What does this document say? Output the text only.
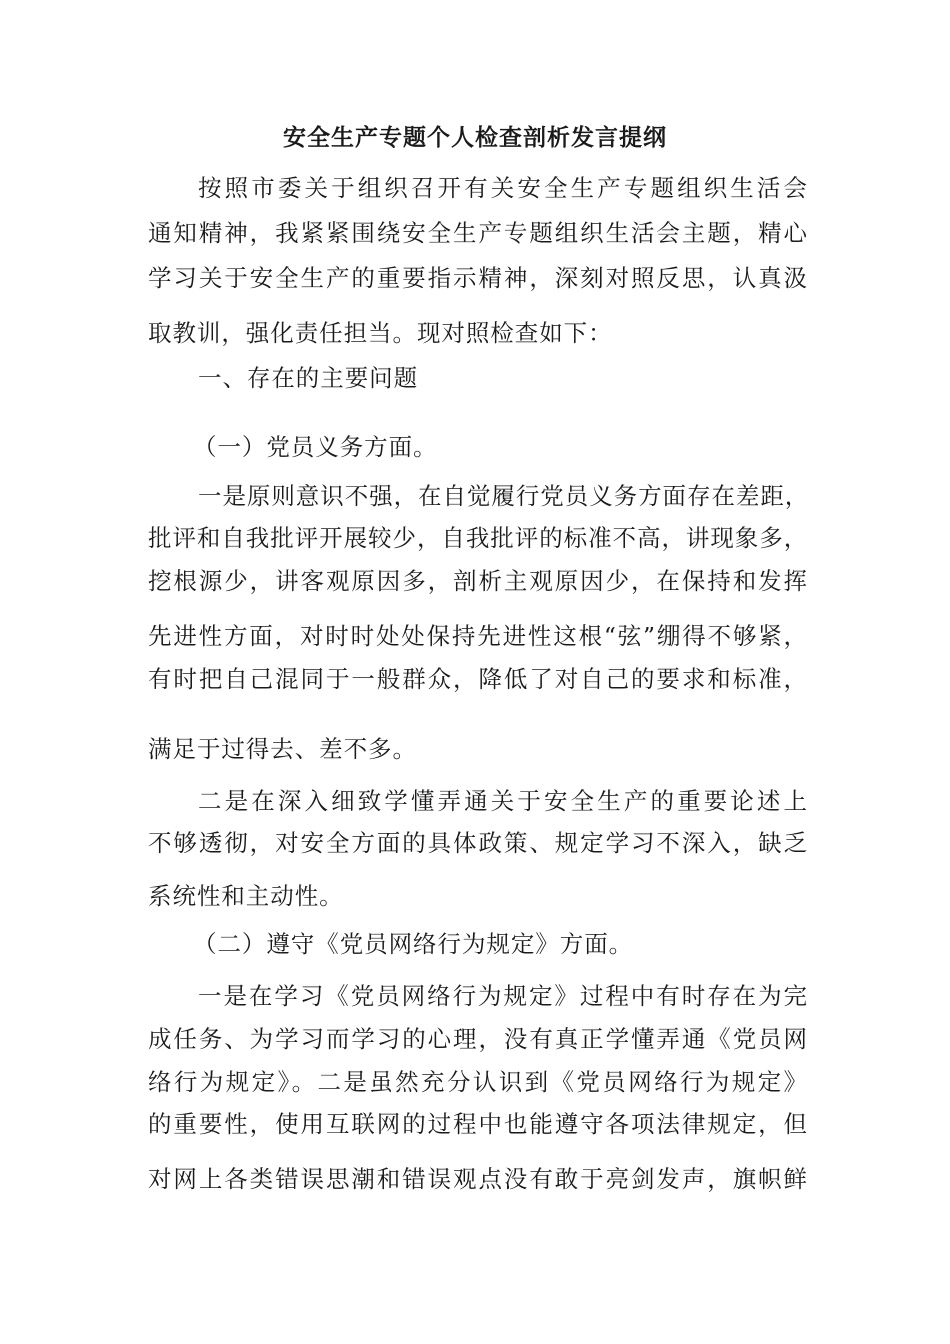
安全生产专题个人检查剖析发言提纲
按照市委关于组织召开有关安全生产专题组织生活会
通知精神，我紧紧围绕安全生产专题组织生活会主题，精心
学习关于安全生产的重要指示精神，深刻对照反思，认真汲
取教训，强化责任担当。现对照检查如下：
一、存在的主要问题
（一）党员义务方面。
一是原则意识不强，在自觉履行党员义务方面存在差距，
批评和自我批评开展较少，自我批评的标准不高，讲现象多，
挖根源少，讲客观原因多，剖析主观原因少，在保持和发挥
先进性方面，对时时处处保持先进性这根“弦”绷得不够紧，
有时把自己混同于一般群众，降低了对自己的要求和标准，
满足于过得去、差不多。
二是在深入细致学懂弄通关于安全生产的重要论述上
不够透彻，对安全方面的具体政策、规定学习不深入，缺乏
系统性和主动性。
（二）遵守《党员网络行为规定》方面。
一是在学习《党员网络行为规定》过程中有时存在为完
成任务、为学习而学习的心理，没有真正学懂弄通《党员网
络行为规定》。二是虽然充分认识到《党员网络行为规定》
的重要性，使用互联网的过程中也能遵守各项法律规定，但
对网上各类错误思潮和错误观点没有敢于亮剑发声，旗帜鲜
